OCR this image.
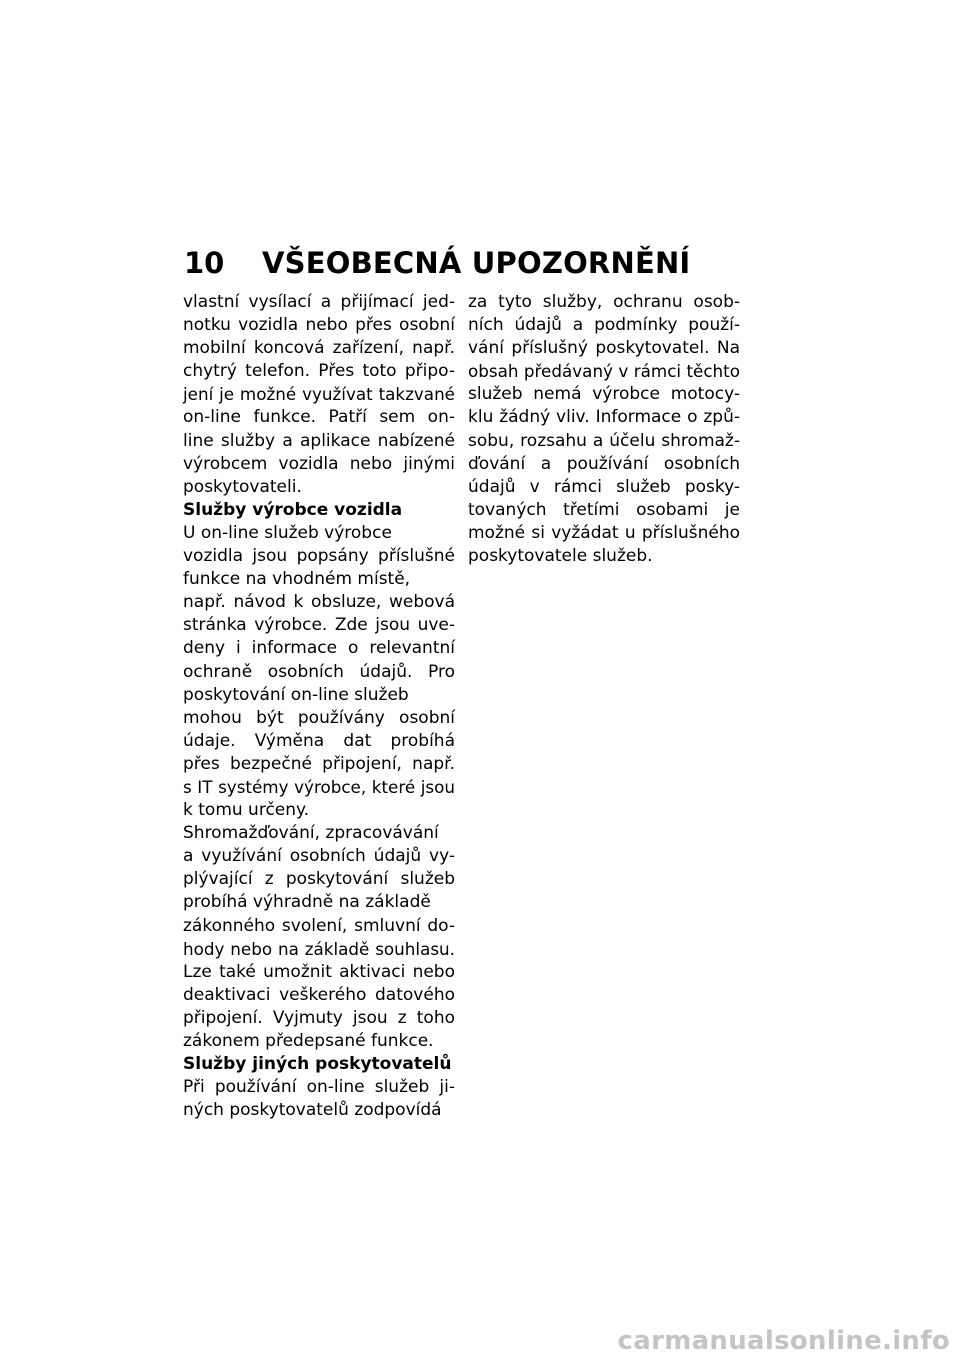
10	VŠEOBECNÁ UPOZORNĚNÍ
vlastní vysílací a přijímací jed-
notku vozidla nebo přes osobní
mobilní koncová zařízení, např.
chytrý telefon. Přes toto připo-
jení je možné využívat takzvané
on-line funkce. Patří sem on-
line služby a aplikace nabízené
výrobcem vozidla nebo jinými
poskytovateli.
Služby výrobce vozidla
U on-line služeb výrobce
vozidla jsou popsány příslušné
funkce na vhodném místě,
např. návod k obsluze, webová
stránka výrobce. Zde jsou uve-
deny i informace o relevantní
ochraně osobních údajů. Pro
poskytování on-line služeb
mohou být používány osobní
údaje. Výměna dat probíhá
přes bezpečné připojení, např.
s IT systémy výrobce, které jsou
k tomu určeny.
Shromažďování, zpracovávání
a využívání osobních údajů vy-
plývající z poskytování služeb
probíhá výhradně na základě
zákonného svolení, smluvní do-
hody nebo na základě souhlasu.
Lze také umožnit aktivaci nebo
deaktivaci veškerého datového
připojení. Vyjmuty jsou z toho
zákonem předepsané funkce.
Služby jiných poskytovatelů
Při používání on-line služeb ji-
ných poskytovatelů zodpovídá
za tyto služby, ochranu osob-
ních údajů a podmínky použí-
vání příslušný poskytovatel. Na
obsah předávaný v rámci těchto
služeb nemá výrobce motocy-
klu žádný vliv. Informace o způ-
sobu, rozsahu a účelu shromaž-
ďování a používání osobních
údajů v rámci služeb posky-
tovaných třetími osobami je
možné si vyžádat u příslušného
poskytovatele služeb.
carmanualsonline.info
